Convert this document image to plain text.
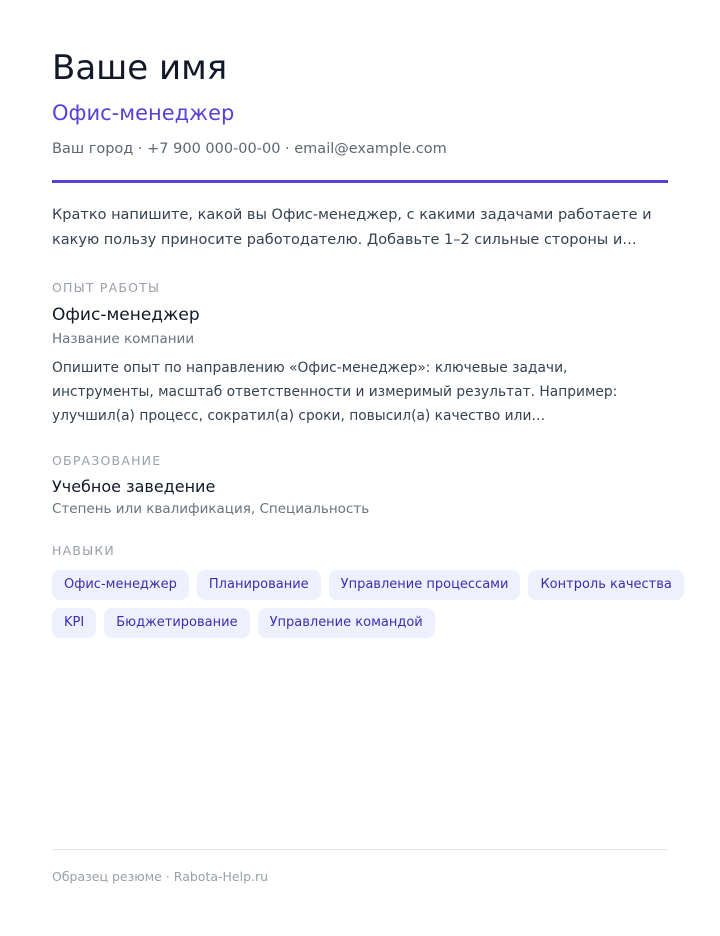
Ваше имя
Офис-менеджер
Ваш город · +7 900 000-00-00 · email@example.com
Кратко напишите, какой вы Офис-менеджер, с какими задачами работаете и какую пользу приносите работодателю. Добавьте 1–2 сильные стороны и…
ОПЫТ РАБОТЫ
Офис-менеджер
Название компании
Опишите опыт по направлению «Офис-менеджер»: ключевые задачи, инструменты, масштаб ответственности и измеримый результат. Например: улучшил(а) процесс, сократил(а) сроки, повысил(а) качество или…
ОБРАЗОВАНИЕ
Учебное заведение
Степень или квалификация, Специальность
НАВЫКИ
Офис-менеджер	Планирование	Управление процессами	Контроль качества
KPI	Бюджетирование	Управление командой
Образец резюме · Rabota-Help.ru
